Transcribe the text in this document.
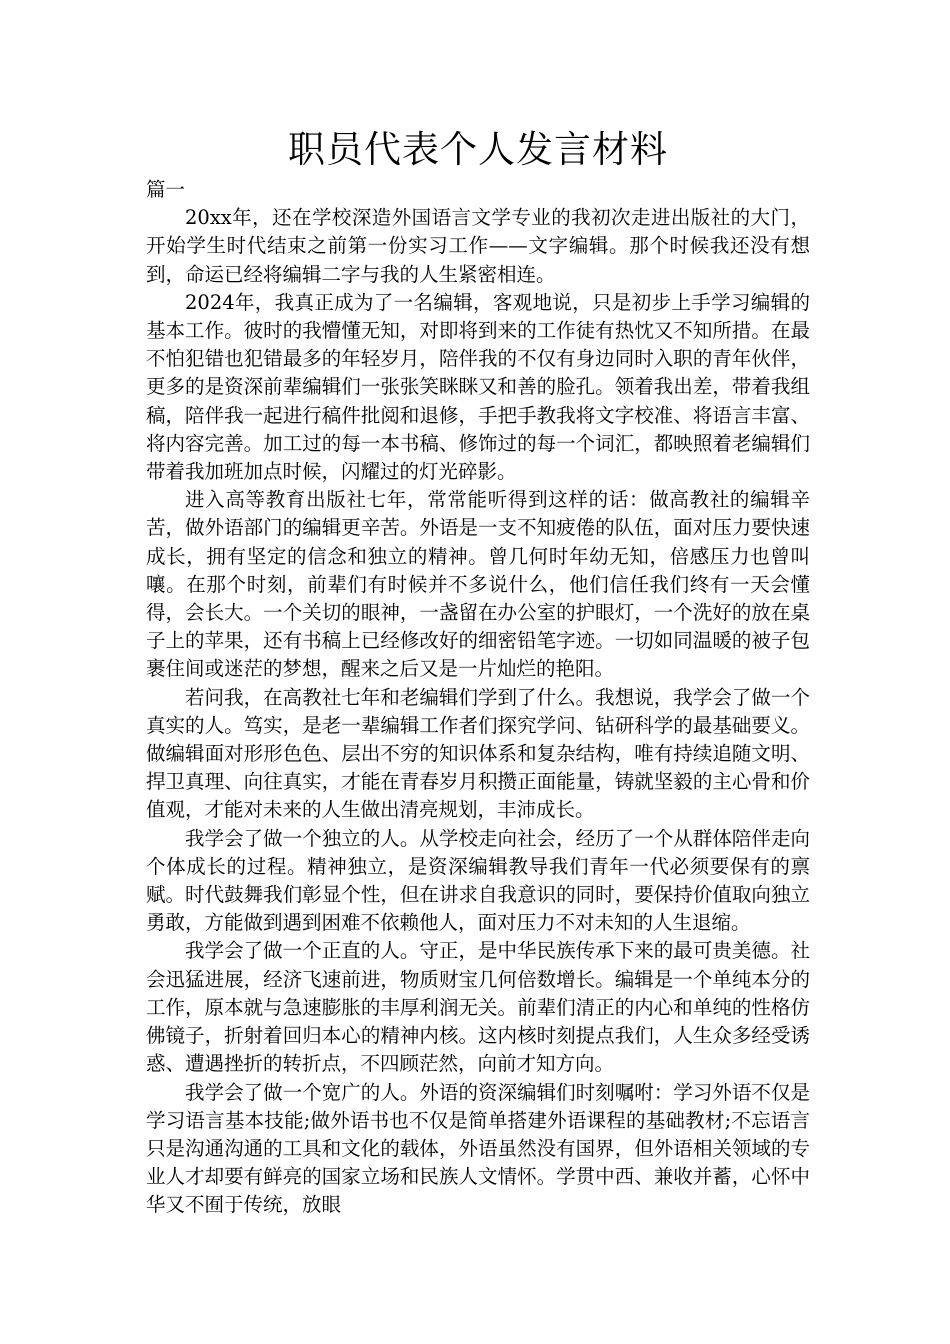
职员代表个人发言材料

篇一

20xx年，还在学校深造外国语言文学专业的我初次走进出版社的大门，开始学生时代结束之前第一份实习工作——文字编辑。那个时候我还没有想到，命运已经将编辑二字与我的人生紧密相连。

2024年，我真正成为了一名编辑，客观地说，只是初步上手学习编辑的基本工作。彼时的我懵懂无知，对即将到来的工作徒有热忱又不知所措。在最不怕犯错也犯错最多的年轻岁月，陪伴我的不仅有身边同时入职的青年伙伴，更多的是资深前辈编辑们一张张笑眯眯又和善的脸孔。领着我出差，带着我组稿，陪伴我一起进行稿件批阅和退修，手把手教我将文字校准、将语言丰富、将内容完善。加工过的每一本书稿、修饰过的每一个词汇，都映照着老编辑们带着我加班加点时候，闪耀过的灯光碎影。

进入高等教育出版社七年，常常能听得到这样的话：做高教社的编辑辛苦，做外语部门的编辑更辛苦。外语是一支不知疲倦的队伍，面对压力要快速成长，拥有坚定的信念和独立的精神。曾几何时年幼无知，倍感压力也曾叫嚷。在那个时刻，前辈们有时候并不多说什么，他们信任我们终有一天会懂得，会长大。一个关切的眼神，一盏留在办公室的护眼灯，一个洗好的放在桌子上的苹果，还有书稿上已经修改好的细密铅笔字迹。一切如同温暖的被子包裹住间或迷茫的梦想，醒来之后又是一片灿烂的艳阳。

若问我，在高教社七年和老编辑们学到了什么。我想说，我学会了做一个真实的人。笃实，是老一辈编辑工作者们探究学问、钻研科学的最基础要义。做编辑面对形形色色、层出不穷的知识体系和复杂结构，唯有持续追随文明、捍卫真理、向往真实，才能在青春岁月积攒正面能量，铸就坚毅的主心骨和价值观，才能对未来的人生做出清亮规划，丰沛成长。

我学会了做一个独立的人。从学校走向社会，经历了一个从群体陪伴走向个体成长的过程。精神独立，是资深编辑教导我们青年一代必须要保有的禀赋。时代鼓舞我们彰显个性，但在讲求自我意识的同时，要保持价值取向独立勇敢，方能做到遇到困难不依赖他人，面对压力不对未知的人生退缩。

我学会了做一个正直的人。守正，是中华民族传承下来的最可贵美德。社会迅猛进展，经济飞速前进，物质财宝几何倍数增长。编辑是一个单纯本分的工作，原本就与急速膨胀的丰厚利润无关。前辈们清正的内心和单纯的性格仿佛镜子，折射着回归本心的精神内核。这内核时刻提点我们，人生众多经受诱惑、遭遇挫折的转折点，不四顾茫然，向前才知方向。

我学会了做一个宽广的人。外语的资深编辑们时刻嘱咐：学习外语不仅是学习语言基本技能;做外语书也不仅是简单搭建外语课程的基础教材;不忘语言只是沟通沟通的工具和文化的载体，外语虽然没有国界，但外语相关领域的专业人才却要有鲜亮的国家立场和民族人文情怀。学贯中西、兼收并蓄，心怀中华又不囿于传统，放眼
